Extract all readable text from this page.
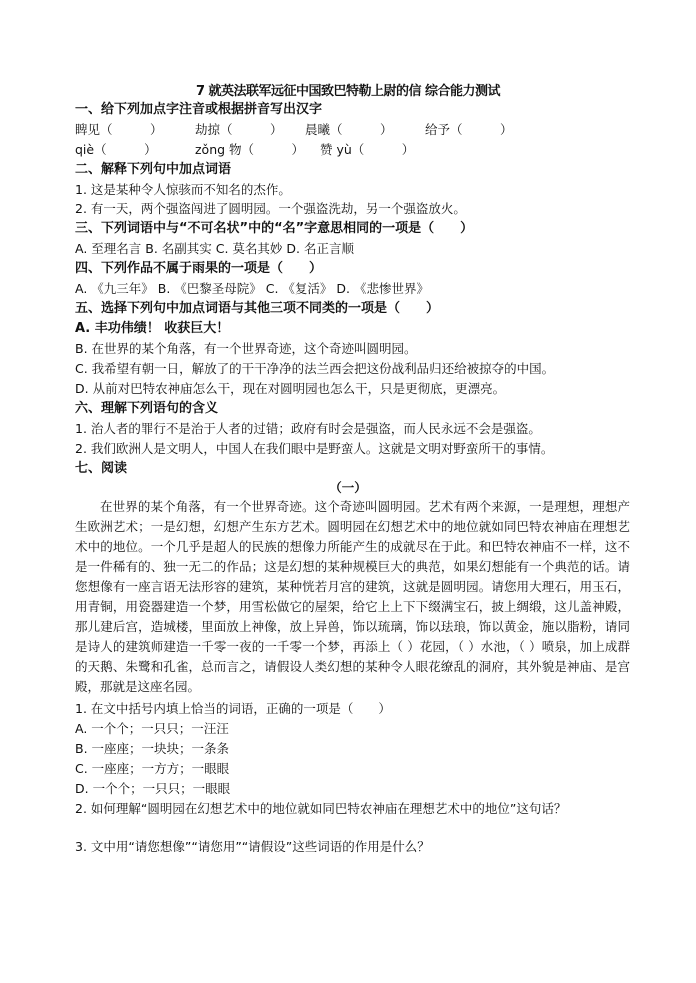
7 就英法联军远征中国致巴特勒上尉的信 综合能力测试
一、给下列加点字注音或根据拼音写出汉字
睥见（　　　）	劫掠（　　　） 晨曦（　　　）	给予（　　　）
qiè（　　　）	zǒng 物（　　　） 赞 yù（　　　）
二、解释下列句中加点词语
1. 这是某种令人惊骇而不知名的杰作。
2. 有一天，两个强盗闯进了圆明园。一个强盗洗劫，另一个强盗放火。
三、下列词语中与“不可名状”中的“名”字意思相同的一项是（　　）
A. 至理名言 B. 名副其实 C. 莫名其妙 D. 名正言顺
四、下列作品不属于雨果的一项是（　　）
A. 《九三年》 B. 《巴黎圣母院》 C. 《复活》 D. 《悲惨世界》
五、选择下列句中加点词语与其他三项不同类的一项是（　　）
A. 丰功伟绩！ 收获巨大！
B. 在世界的某个角落，有一个世界奇迹，这个奇迹叫圆明园。
C. 我希望有朝一日，解放了的干干净净的法兰西会把这份战利品归还给被掠夺的中国。
D. 从前对巴特农神庙怎么干，现在对圆明园也怎么干，只是更彻底，更漂亮。
六、理解下列语句的含义
1. 治人者的罪行不是治于人者的过错；政府有时会是强盗，而人民永远不会是强盗。
2. 我们欧洲人是文明人，中国人在我们眼中是野蛮人。这就是文明对野蛮所干的事情。
七、阅读
（一）
在世界的某个角落，有一个世界奇迹。这个奇迹叫圆明园。艺术有两个来源，一是理想，理想产生欧洲艺术；一是幻想，幻想产生东方艺术。圆明园在幻想艺术中的地位就如同巴特农神庙在理想艺术中的地位。一个几乎是超人的民族的想像力所能产生的成就尽在于此。和巴特农神庙不一样，这不是一件稀有的、独一无二的作品；这是幻想的某种规模巨大的典范，如果幻想能有一个典范的话。请您想像有一座言语无法形容的建筑，某种恍若月宫的建筑，这就是圆明园。请您用大理石，用玉石，用青铜，用瓷器建造一个梦，用雪松做它的屋架，给它上上下下缀满宝石，披上绸缎，这儿盖神殿，那儿建后宫，造城楼，里面放上神像，放上异兽，饰以琉璃，饰以珐琅，饰以黄金，施以脂粉，请同是诗人的建筑师建造一千零一夜的一千零一个梦，再添上（ ）花园，（ ）水池，（ ）喷泉，加上成群的天鹅、朱鹭和孔雀，总而言之，请假设人类幻想的某种令人眼花缭乱的洞府，其外貌是神庙、是宫殿，那就是这座名园。
1. 在文中括号内填上恰当的词语，正确的一项是（　　）
A. 一个个；一只只；一汪汪
B. 一座座；一块块；一条条
C. 一座座；一方方；一眼眼
D. 一个个；一只只；一眼眼
2. 如何理解“圆明园在幻想艺术中的地位就如同巴特农神庙在理想艺术中的地位”这句话？
3. 文中用“请您想像”“请您用”“请假设”这些词语的作用是什么？
